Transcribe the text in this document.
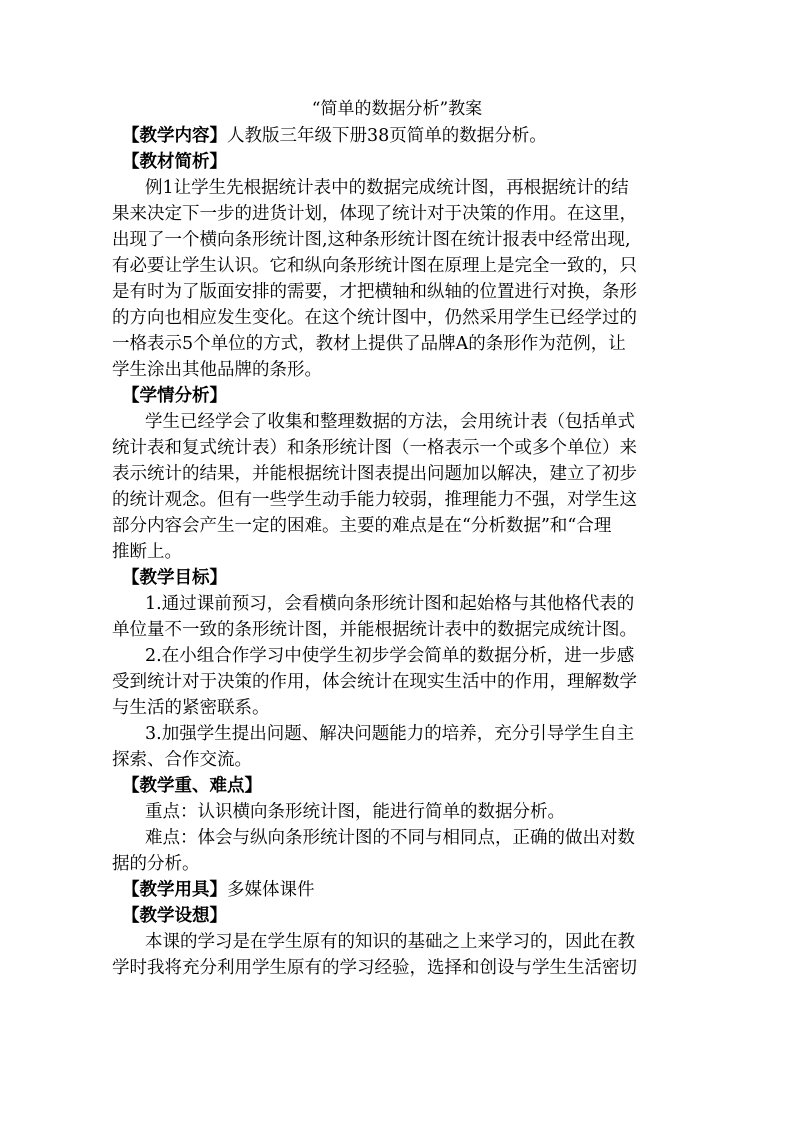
“简单的数据分析”教案
【教学内容】人教版三年级下册38页简单的数据分析。
【教材简析】
例1让学生先根据统计表中的数据完成统计图，再根据统计的结
果来决定下一步的进货计划，体现了统计对于决策的作用。在这里，
出现了一个横向条形统计图,这种条形统计图在统计报表中经常出现,
有必要让学生认识。它和纵向条形统计图在原理上是完全一致的，只
是有时为了版面安排的需要，才把横轴和纵轴的位置进行对换，条形
的方向也相应发生变化。在这个统计图中，仍然采用学生已经学过的
一格表示5个单位的方式，教材上提供了品牌A的条形作为范例，让
学生涂出其他品牌的条形。
【学情分析】
学生已经学会了收集和整理数据的方法，会用统计表（包括单式
统计表和复式统计表）和条形统计图（一格表示一个或多个单位）来
表示统计的结果，并能根据统计图表提出问题加以解决，建立了初步
的统计观念。但有一些学生动手能力较弱，推理能力不强，对学生这
部分内容会产生一定的困难。主要的难点是在“分析数据”和“合理
推断上。
【教学目标】
1.通过课前预习，会看横向条形统计图和起始格与其他格代表的
单位量不一致的条形统计图，并能根据统计表中的数据完成统计图。
2.在小组合作学习中使学生初步学会简单的数据分析，进一步感
受到统计对于决策的作用，体会统计在现实生活中的作用，理解数学
与生活的紧密联系。
3.加强学生提出问题、解决问题能力的培养，充分引导学生自主
探索、合作交流。
【教学重、难点】
重点：认识横向条形统计图，能进行简单的数据分析。
难点：体会与纵向条形统计图的不同与相同点，正确的做出对数
据的分析。
【教学用具】多媒体课件
【教学设想】
本课的学习是在学生原有的知识的基础之上来学习的，因此在教
学时我将充分利用学生原有的学习经验，选择和创设与学生生活密切
